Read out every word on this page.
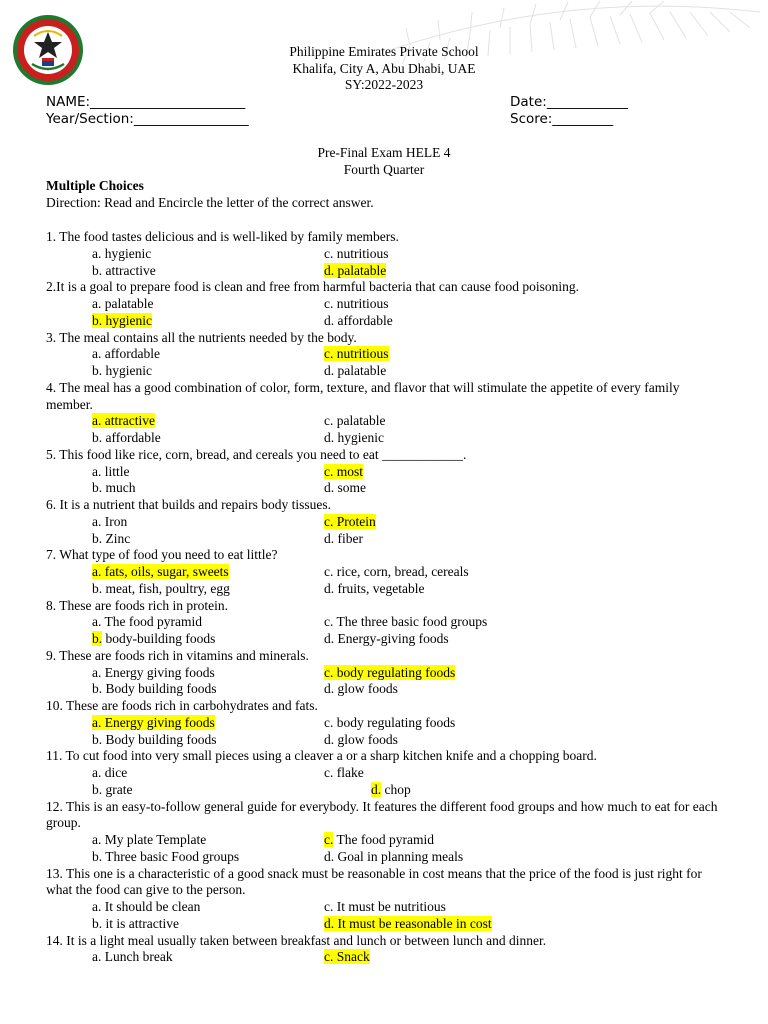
Philippine Emirates Private School
Khalifa, City A, Abu Dhabi, UAE
SY:2022-2023
NAME:_______________________	Date:____________
Year/Section:_________________	Score:_________
Pre-Final Exam HELE 4
Fourth Quarter
Multiple Choices
Direction: Read and Encircle the letter of the correct answer.
1. The food tastes delicious and is well-liked by family members.
a. hygienic	c. nutritious
b. attractive	d. palatable
2.It is a goal to prepare food is clean and free from harmful bacteria that can cause food poisoning.
a. palatable	c. nutritious
b. hygienic	d. affordable
3. The meal contains all the nutrients needed by the body.
a. affordable	c. nutritious
b. hygienic	d. palatable
4. The meal has a good combination of color, form, texture, and flavor that will stimulate the appetite of every family member.
a. attractive	c. palatable
b. affordable	d. hygienic
5. This food like rice, corn, bread, and cereals you need to eat ____________.
a. little	c. most
b. much	d. some
6. It is a nutrient that builds and repairs body tissues.
a. Iron	c. Protein
b. Zinc	d. fiber
7. What type of food you need to eat little?
a. fats, oils, sugar, sweets	c. rice, corn, bread, cereals
b. meat, fish, poultry, egg	d. fruits, vegetable
8. These are foods rich in protein.
a. The food pyramid	c. The three basic food groups
b. body-building foods	d. Energy-giving foods
9. These are foods rich in vitamins and minerals.
a. Energy giving foods	c. body regulating foods
b. Body building foods	d. glow foods
10. These are foods rich in carbohydrates and fats.
a. Energy giving foods	c. body regulating foods
b. Body building foods	d. glow foods
11. To cut food into very small pieces using a cleaver a or a sharp kitchen knife and a chopping board.
a. dice	c. flake
b. grate	d. chop
12. This is an easy-to-follow general guide for everybody. It features the different food groups and how much to eat for each group.
a. My plate Template	c. The food pyramid
b. Three basic Food groups	d. Goal in planning meals
13. This one is a characteristic of a good snack must be reasonable in cost means that the price of the food is just right for what the food can give to the person.
a. It should be clean	c. It must be nutritious
b. it is attractive	d. It must be reasonable in cost
14. It is a light meal usually taken between breakfast and lunch or between lunch and dinner.
a. Lunch break	c. Snack
